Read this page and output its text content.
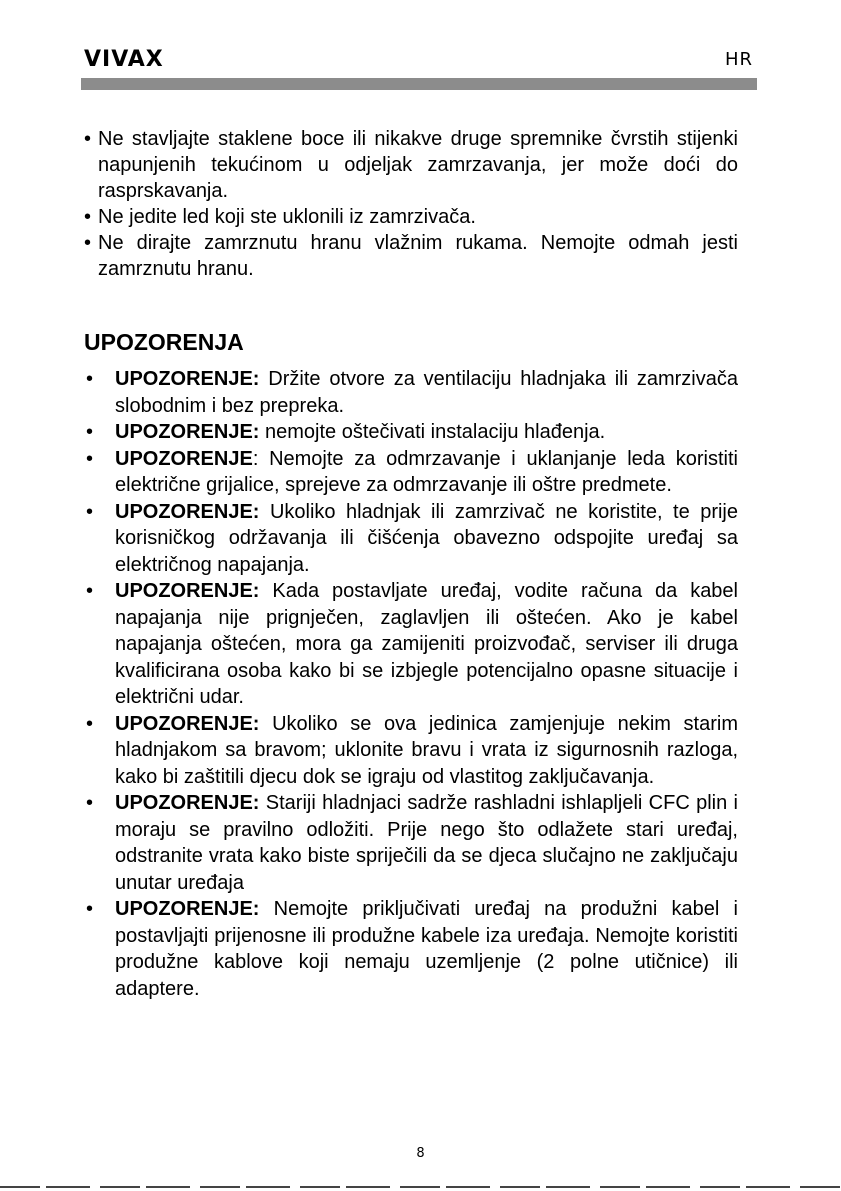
VIVAX	HR
• Ne stavljajte staklene boce ili nikakve druge spremnike čvrstih stijenki napunjenih tekućinom u odjeljak zamrzavanja, jer može doći do rasprskavanja.
• Ne jedite led koji ste uklonili iz zamrzivača.
• Ne dirajte zamrznutu hranu vlažnim rukama. Nemojte odmah jesti zamrznutu hranu.
UPOZORENJA
• UPOZORENJE: Držite otvore za ventilaciju hladnjaka ili zamrzivača slobodnim i bez prepreka.
• UPOZORENJE: nemojte oštečivati instalaciju hlađenja.
• UPOZORENJE: Nemojte za odmrzavanje i uklanjanje leda koristiti električne grijalice, sprejeve za odmrzavanje ili oštre predmete.
• UPOZORENJE: Ukoliko hladnjak ili zamrzivač ne koristite, te prije korisničkog održavanja ili čišćenja obavezno odspojite uređaj sa električnog napajanja.
• UPOZORENJE: Kada postavljate uređaj, vodite računa da kabel napajanja nije prignječen, zaglavljen ili oštećen. Ako je kabel napajanja oštećen, mora ga zamijeniti proizvođač, serviser ili druga kvalificirana osoba kako bi se izbjegle potencijalno opasne situacije i električni udar.
• UPOZORENJE: Ukoliko se ova jedinica zamjenjuje nekim starim hladnjakom sa bravom; uklonite bravu i vrata iz sigurnosnih razloga, kako bi zaštitili djecu dok se igraju od vlastitog zaključavanja.
• UPOZORENJE: Stariji hladnjaci sadrže rashladni ishlapljeli CFC plin i moraju se pravilno odložiti. Prije nego što odlažete stari uređaj, odstranite vrata kako biste spriječili da se djeca slučajno ne zaključaju unutar uređaja
• UPOZORENJE: Nemojte priključivati uređaj na produžni kabel i postavljajti prijenosne ili produžne kabele iza uređaja. Nemojte koristiti produžne kablove koji nemaju uzemljenje (2 polne utičnice) ili adaptere.
8
